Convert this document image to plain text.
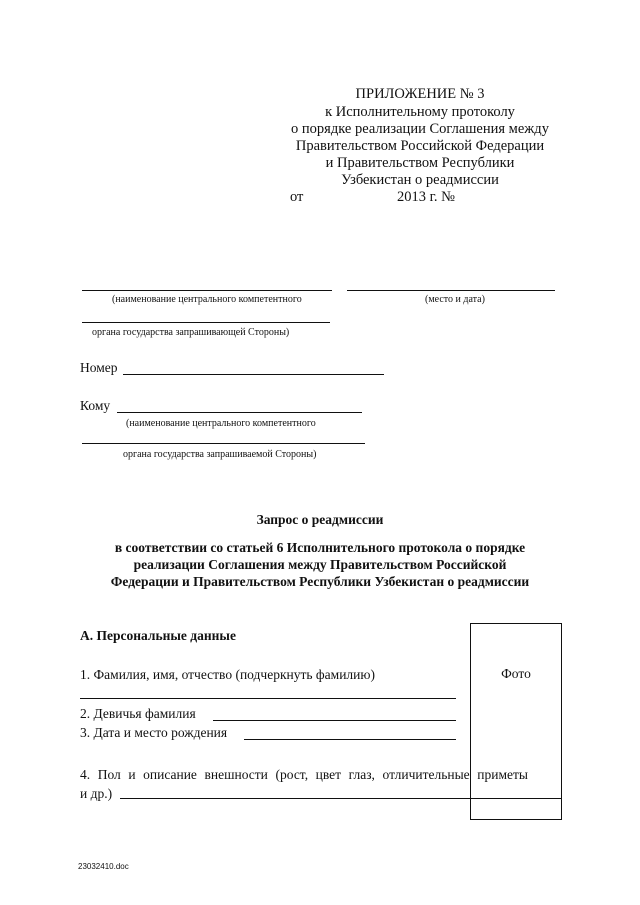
ПРИЛОЖЕНИЕ № 3
к Исполнительному протоколу
о порядке реализации Соглашения между
Правительством Российской Федерации
и Правительством Республики
Узбекистан о реадмиссии
от	2013 г. №
(наименование центрального компетентного	(место и дата)
органа государства запрашивающей Стороны)
Номер
Кому
(наименование центрального компетентного
органа государства запрашиваемой Стороны)
Запрос о реадмиссии
в соответствии со статьей 6 Исполнительного протокола о порядке
реализации Соглашения между Правительством Российской
Федерации и Правительством Республики Узбекистан о реадмиссии
А. Персональные данные
Фото
1. Фамилия, имя, отчество (подчеркнуть фамилию)
2. Девичья фамилия
3. Дата и место рождения
4. Пол и описание внешности (рост, цвет глаз, отличительные приметы
и др.)
23032410.doc
